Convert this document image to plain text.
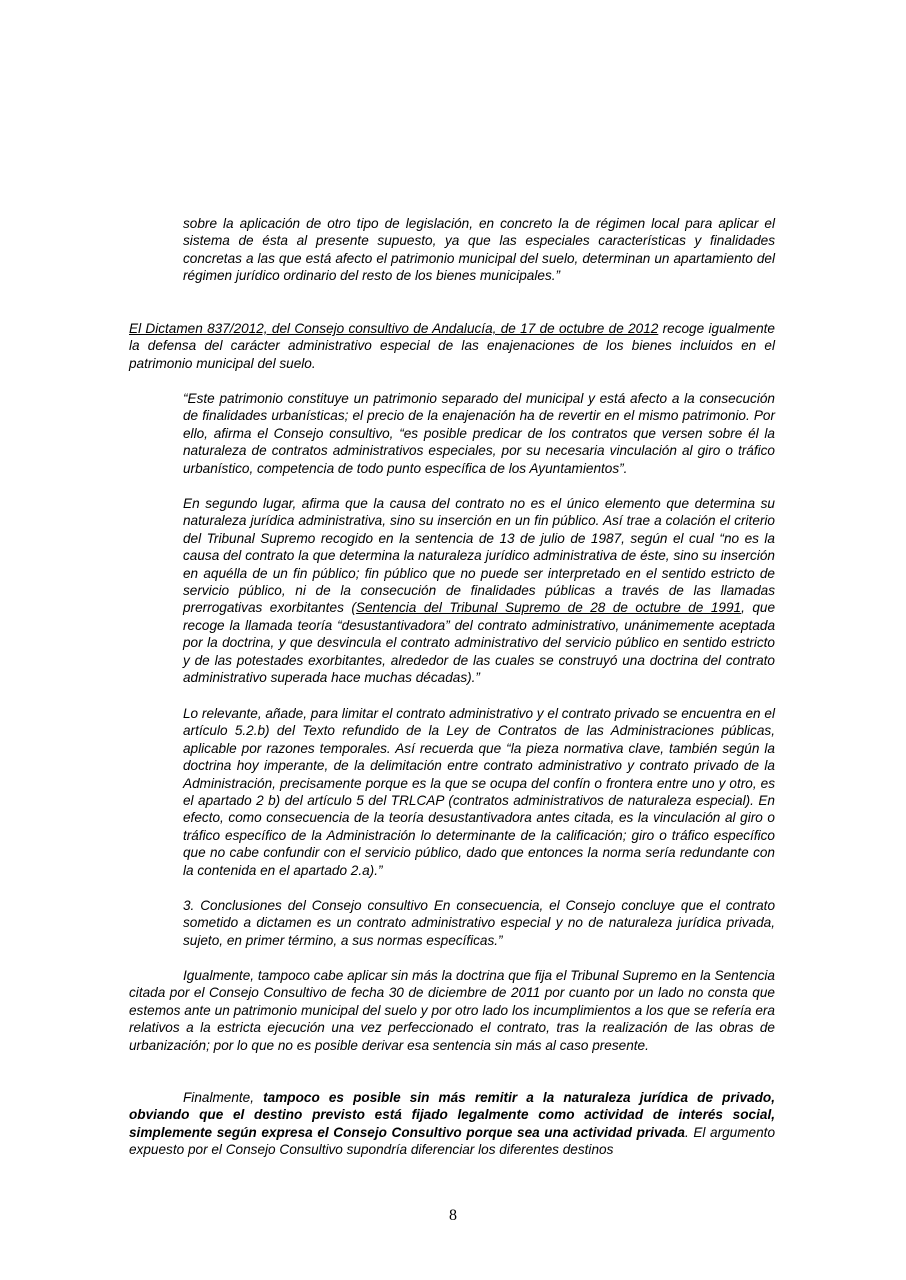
sobre la aplicación de otro tipo de legislación, en concreto la de régimen local para aplicar el sistema de ésta al presente supuesto, ya que las especiales características y finalidades concretas a las que está afecto el patrimonio municipal del suelo, determinan un apartamiento del régimen jurídico ordinario del resto de los bienes municipales.”

El Dictamen 837/2012, del Consejo consultivo de Andalucía, de 17 de octubre de 2012 recoge igualmente la defensa del carácter administrativo especial de las enajenaciones de los bienes incluidos en el patrimonio municipal del suelo.

“Este patrimonio constituye un patrimonio separado del municipal y está afecto a la consecución de finalidades urbanísticas; el precio de la enajenación ha de revertir en el mismo patrimonio. Por ello, afirma el Consejo consultivo, “es posible predicar de los contratos que versen sobre él la naturaleza de contratos administrativos especiales, por su necesaria vinculación al giro o tráfico urbanístico, competencia de todo punto específica de los Ayuntamientos”.

En segundo lugar, afirma que la causa del contrato no es el único elemento que determina su naturaleza jurídica administrativa, sino su inserción en un fin público. Así trae a colación el criterio del Tribunal Supremo recogido en la sentencia de 13 de julio de 1987, según el cual “no es la causa del contrato la que determina la naturaleza jurídico administrativa de éste, sino su inserción en aquélla de un fin público; fin público que no puede ser interpretado en el sentido estricto de servicio público, ni de la consecución de finalidades públicas a través de las llamadas prerrogativas exorbitantes (Sentencia del Tribunal Supremo de 28 de octubre de 1991, que recoge la llamada teoría “desustantivadora” del contrato administrativo, unánimemente aceptada por la doctrina, y que desvincula el contrato administrativo del servicio público en sentido estricto y de las potestades exorbitantes, alrededor de las cuales se construyó una doctrina del contrato administrativo superada hace muchas décadas).”

Lo relevante, añade, para limitar el contrato administrativo y el contrato privado se encuentra en el artículo 5.2.b) del Texto refundido de la Ley de Contratos de las Administraciones públicas, aplicable por razones temporales. Así recuerda que “la pieza normativa clave, también según la doctrina hoy imperante, de la delimitación entre contrato administrativo y contrato privado de la Administración, precisamente porque es la que se ocupa del confín o frontera entre uno y otro, es el apartado 2 b) del artículo 5 del TRLCAP (contratos administrativos de naturaleza especial). En efecto, como consecuencia de la teoría desustantivadora antes citada, es la vinculación al giro o tráfico específico de la Administración lo determinante de la calificación; giro o tráfico específico que no cabe confundir con el servicio público, dado que entonces la norma sería redundante con la contenida en el apartado 2.a).”

3. Conclusiones del Consejo consultivo En consecuencia, el Consejo concluye que el contrato sometido a dictamen es un contrato administrativo especial y no de naturaleza jurídica privada, sujeto, en primer término, a sus normas específicas.”

Igualmente, tampoco cabe aplicar sin más la doctrina que fija el Tribunal Supremo en la Sentencia citada por el Consejo Consultivo de fecha 30 de diciembre de 2011 por cuanto por un lado no consta que estemos ante un patrimonio municipal del suelo y por otro lado los incumplimientos a los que se refería era relativos a la estricta ejecución una vez perfeccionado el contrato, tras la realización de las obras de urbanización; por lo que no es posible derivar esa sentencia sin más al caso presente.

Finalmente, tampoco es posible sin más remitir a la naturaleza jurídica de privado, obviando que el destino previsto está fijado legalmente como actividad de interés social, simplemente según expresa el Consejo Consultivo porque sea una actividad privada. El argumento expuesto por el Consejo Consultivo supondría diferenciar los diferentes destinos

8
